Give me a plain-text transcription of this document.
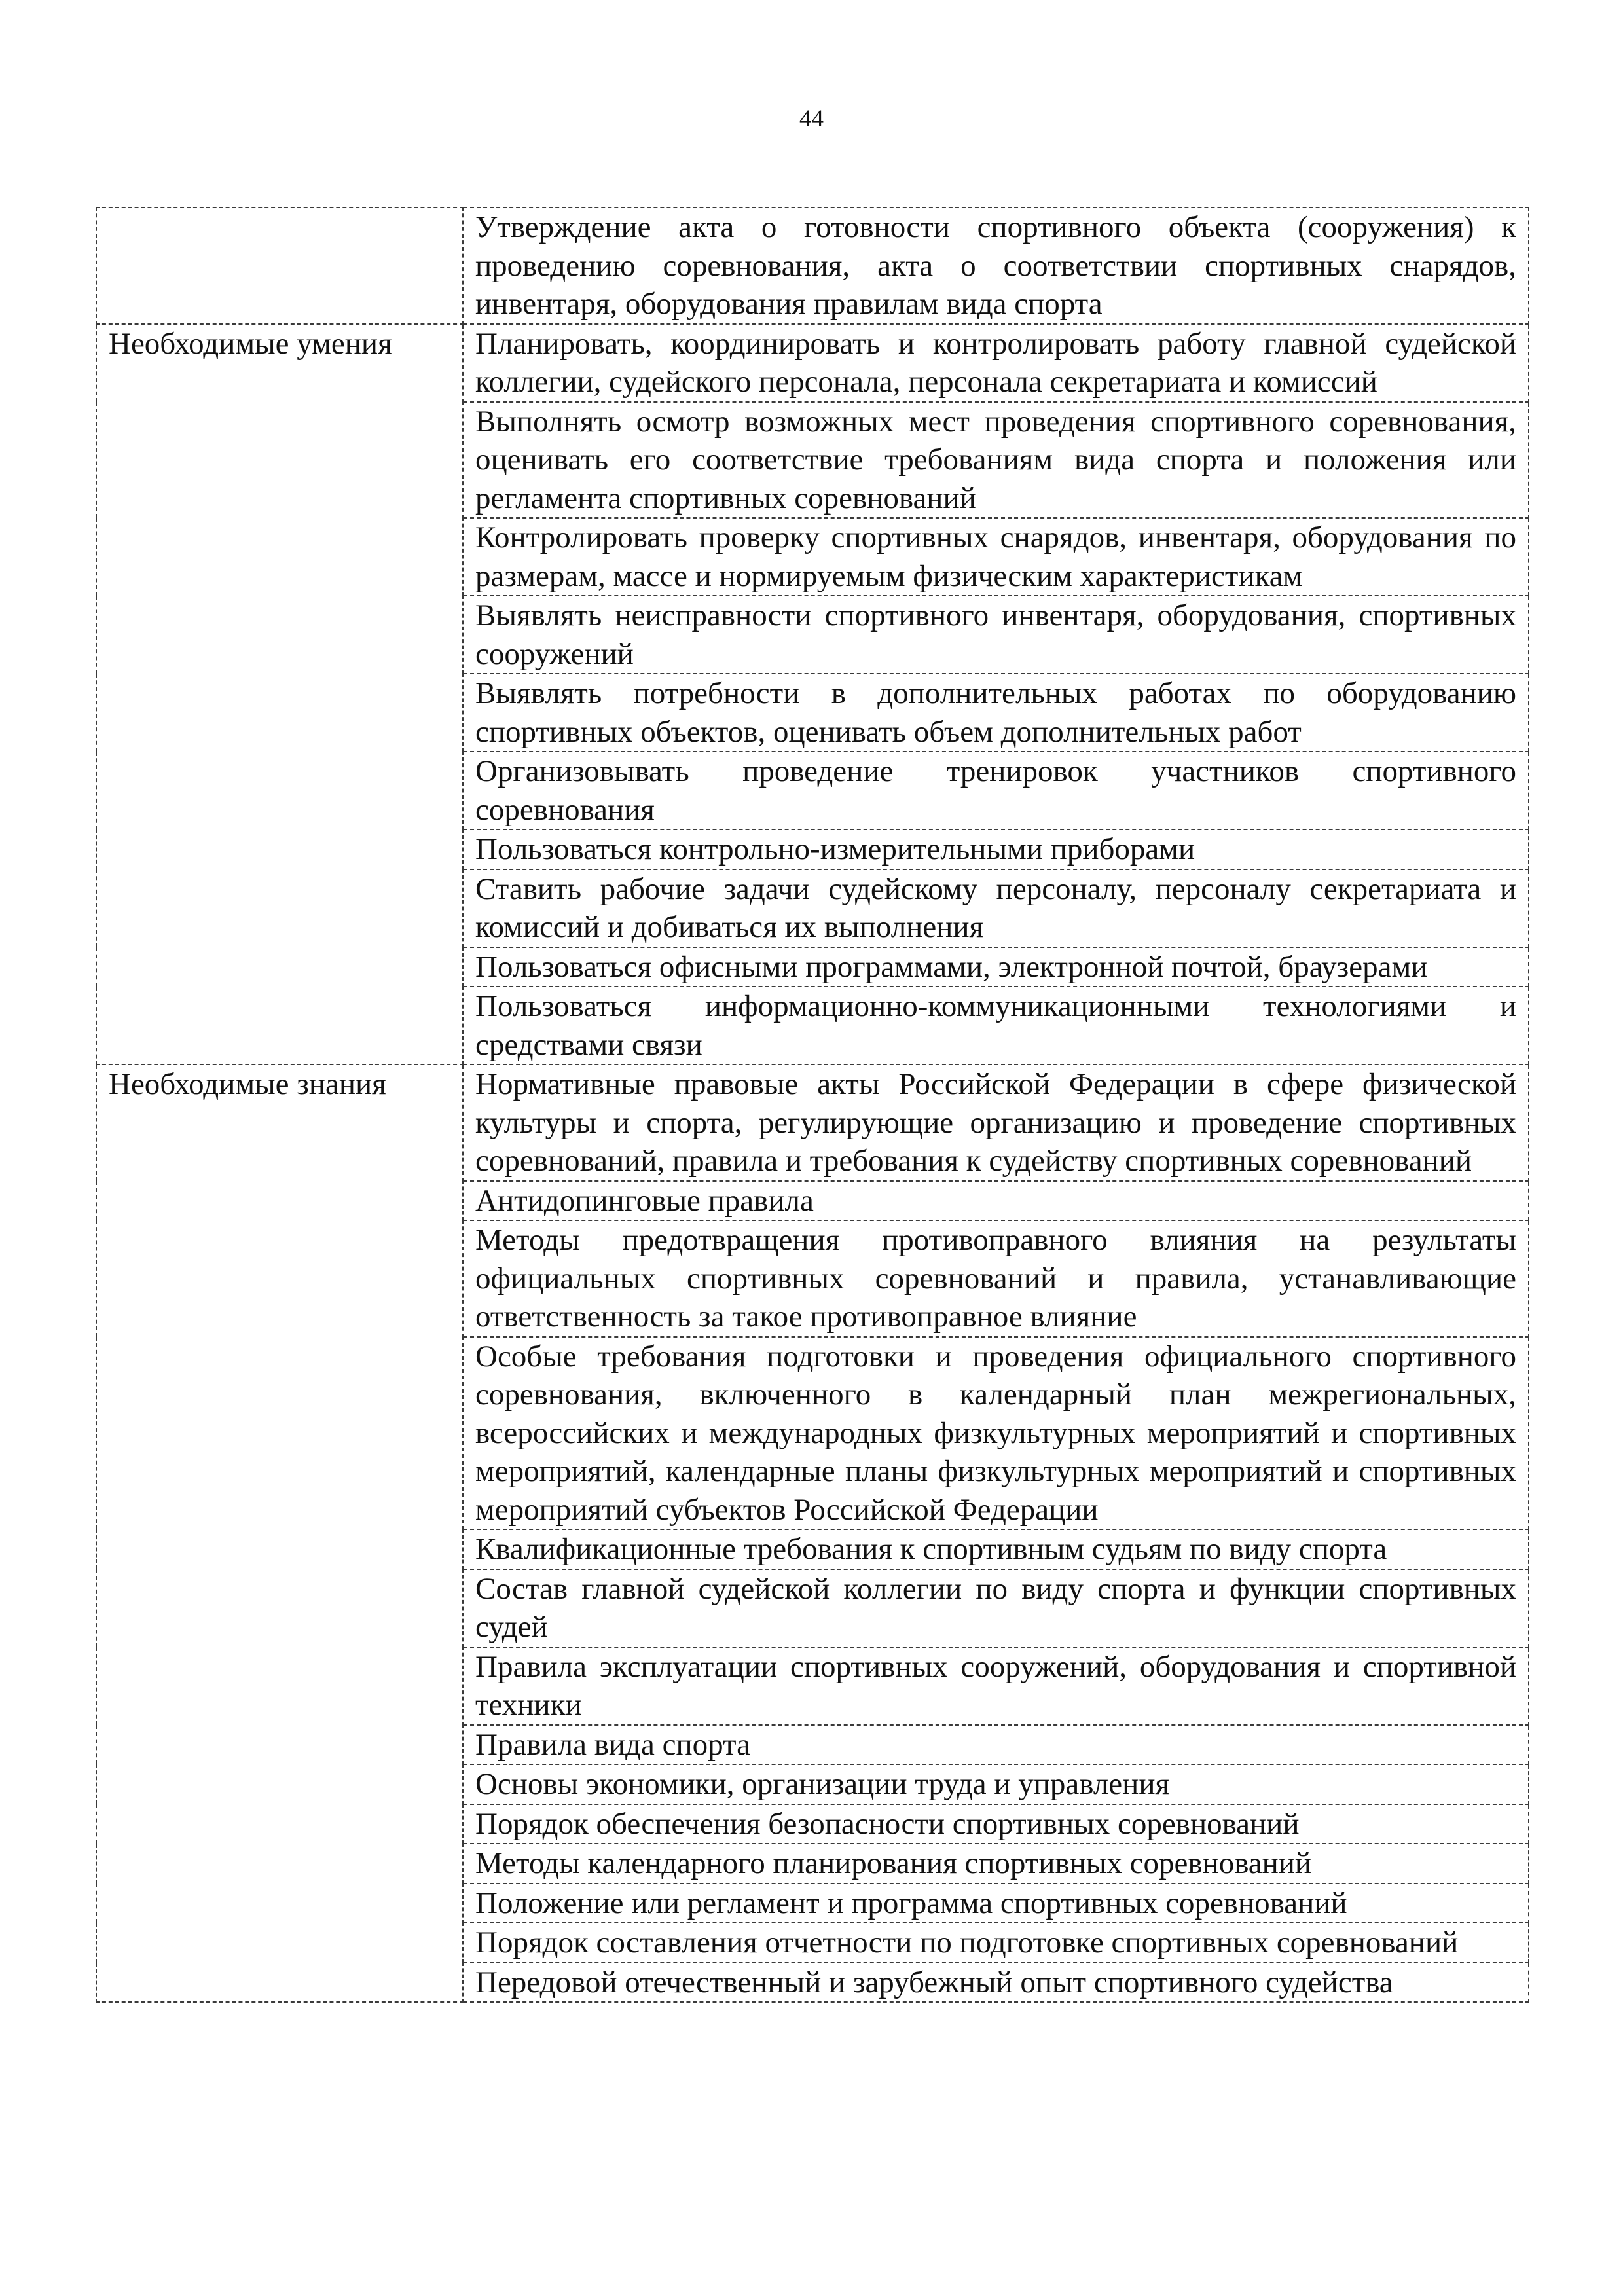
44
	Утверждение акта о готовности спортивного объекта (сооружения) к проведению соревнования, акта о соответствии спортивных снарядов, инвентаря, оборудования правилам вида спорта
Необходимые умения	Планировать, координировать и контролировать работу главной судейской коллегии, судейского персонала, персонала секретариата и комиссий
	Выполнять осмотр возможных мест проведения спортивного соревнования, оценивать его соответствие требованиям вида спорта и положения или регламента спортивных соревнований
	Контролировать проверку спортивных снарядов, инвентаря, оборудования по размерам, массе и нормируемым физическим характеристикам
	Выявлять неисправности спортивного инвентаря, оборудования, спортивных сооружений
	Выявлять потребности в дополнительных работах по оборудованию спортивных объектов, оценивать объем дополнительных работ
	Организовывать проведение тренировок участников спортивного соревнования
	Пользоваться контрольно-измерительными приборами
	Ставить рабочие задачи судейскому персоналу, персоналу секретариата и комиссий и добиваться их выполнения
	Пользоваться офисными программами, электронной почтой, браузерами
	Пользоваться информационно-коммуникационными технологиями и средствами связи
Необходимые знания	Нормативные правовые акты Российской Федерации в сфере физической культуры и спорта, регулирующие организацию и проведение спортивных соревнований, правила и требования к судейству спортивных соревнований
	Антидопинговые правила
	Методы предотвращения противоправного влияния на результаты официальных спортивных соревнований и правила, устанавливающие ответственность за такое противоправное влияние
	Особые требования подготовки и проведения официального спортивного соревнования, включенного в календарный план межрегиональных, всероссийских и международных физкультурных мероприятий и спортивных мероприятий, календарные планы физкультурных мероприятий и спортивных мероприятий субъектов Российской Федерации
	Квалификационные требования к спортивным судьям по виду спорта
	Состав главной судейской коллегии по виду спорта и функции спортивных судей
	Правила эксплуатации спортивных сооружений, оборудования и спортивной техники
	Правила вида спорта
	Основы экономики, организации труда и управления
	Порядок обеспечения безопасности спортивных соревнований
	Методы календарного планирования спортивных соревнований
	Положение или регламент и программа спортивных соревнований
	Порядок составления отчетности по подготовке спортивных соревнований
	Передовой отечественный и зарубежный опыт спортивного судейства
